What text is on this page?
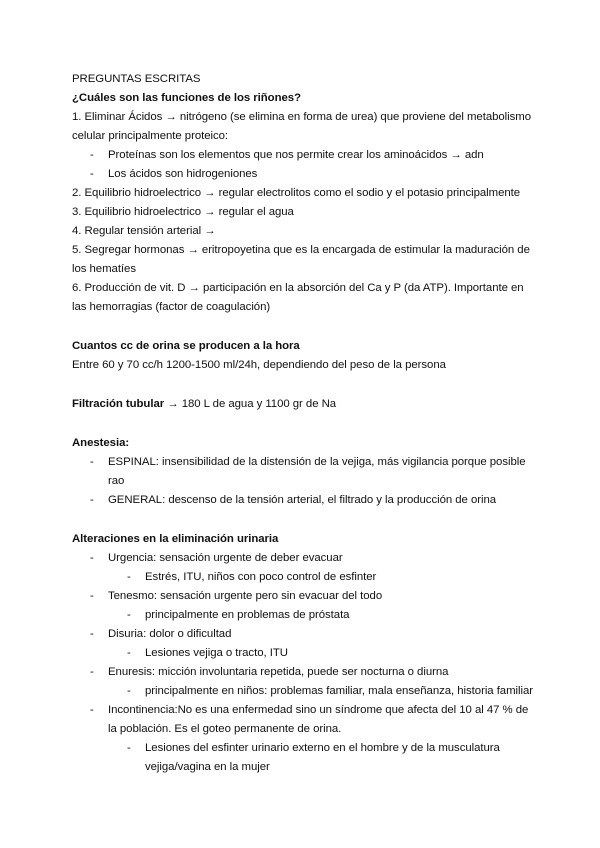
PREGUNTAS ESCRITAS
¿Cuáles son las funciones de los riñones?
1. Eliminar Ácidos → nitrógeno (se elimina en forma de urea) que proviene del metabolismo
celular principalmente proteico:
- Proteínas son los elementos que nos permite crear los aminoácidos → adn
- Los ácidos son hidrogeniones
2. Equilibrio hidroelectrico → regular electrolitos como el sodio y el potasio principalmente
3. Equilibrio hidroelectrico → regular el agua
4. Regular tensión arterial →
5. Segregar hormonas → eritropoyetina que es la encargada de estimular la maduración de
los hematíes
6. Producción de vit. D → participación en la absorción del Ca y P (da ATP). Importante en
las hemorragias (factor de coagulación)
Cuantos cc de orina se producen a la hora
Entre 60 y 70 cc/h 1200-1500 ml/24h, dependiendo del peso de la persona
Filtración tubular → 180 L de agua y 1100 gr de Na
Anestesia:
- ESPINAL: insensibilidad de la distensión de la vejiga, más vigilancia porque posible
rao
- GENERAL: descenso de la tensión arterial, el filtrado y la producción de orina
Alteraciones en la eliminación urinaria
- Urgencia: sensación urgente de deber evacuar
- Estrés, ITU, niños con poco control de esfinter
- Tenesmo: sensación urgente pero sin evacuar del todo
- principalmente en problemas de próstata
- Disuria: dolor o dificultad
- Lesiones vejiga o tracto, ITU
- Enuresis: micción involuntaria repetida, puede ser nocturna o diurna
- principalmente en niños: problemas familiar, mala enseñanza, historia familiar
- Incontinencia:No es una enfermedad sino un síndrome que afecta del 10 al 47 % de
la población. Es el goteo permanente de orina.
- Lesiones del esfinter urinario externo en el hombre y de la musculatura
vejiga/vagina en la mujer
